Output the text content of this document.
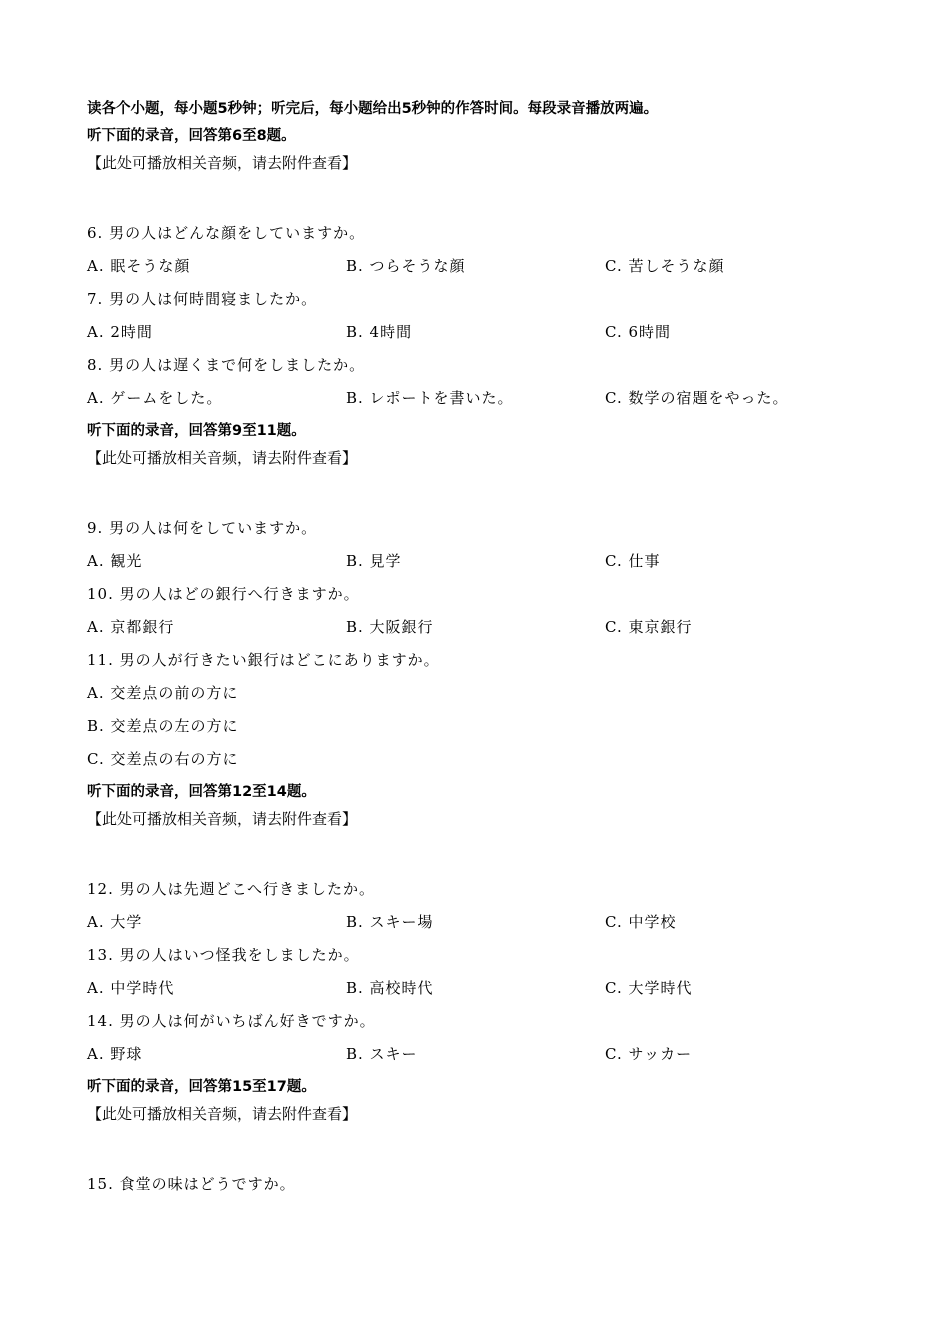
读各个小题，每小题5秒钟；听完后，每小题给出5秒钟的作答时间。每段录音播放两遍。
听下面的录音，回答第6至8题。
【此处可播放相关音频，请去附件查看】
6. 男の人はどんな顔をしていますか。
A. 眠そうな顔	B. つらそうな顔	C. 苦しそうな顔
7. 男の人は何時間寝ましたか。
A. 2時間	B. 4時間	C. 6時間
8. 男の人は遅くまで何をしましたか。
A. ゲームをした。	B. レポートを書いた。	C. 数学の宿題をやった。
听下面的录音，回答第9至11题。
【此处可播放相关音频，请去附件查看】
9. 男の人は何をしていますか。
A. 観光	B. 見学	C. 仕事
10. 男の人はどの銀行へ行きますか。
A. 京都銀行	B. 大阪銀行	C. 東京銀行
11. 男の人が行きたい銀行はどこにありますか。
A. 交差点の前の方に
B. 交差点の左の方に
C. 交差点の右の方に
听下面的录音，回答第12至14题。
【此处可播放相关音频，请去附件查看】
12. 男の人は先週どこへ行きましたか。
A. 大学	B. スキー場	C. 中学校
13. 男の人はいつ怪我をしましたか。
A. 中学時代	B. 高校時代	C. 大学時代
14. 男の人は何がいちばん好きですか。
A. 野球	B. スキー	C. サッカー
听下面的录音，回答第15至17题。
【此处可播放相关音频，请去附件查看】
15. 食堂の味はどうですか。
